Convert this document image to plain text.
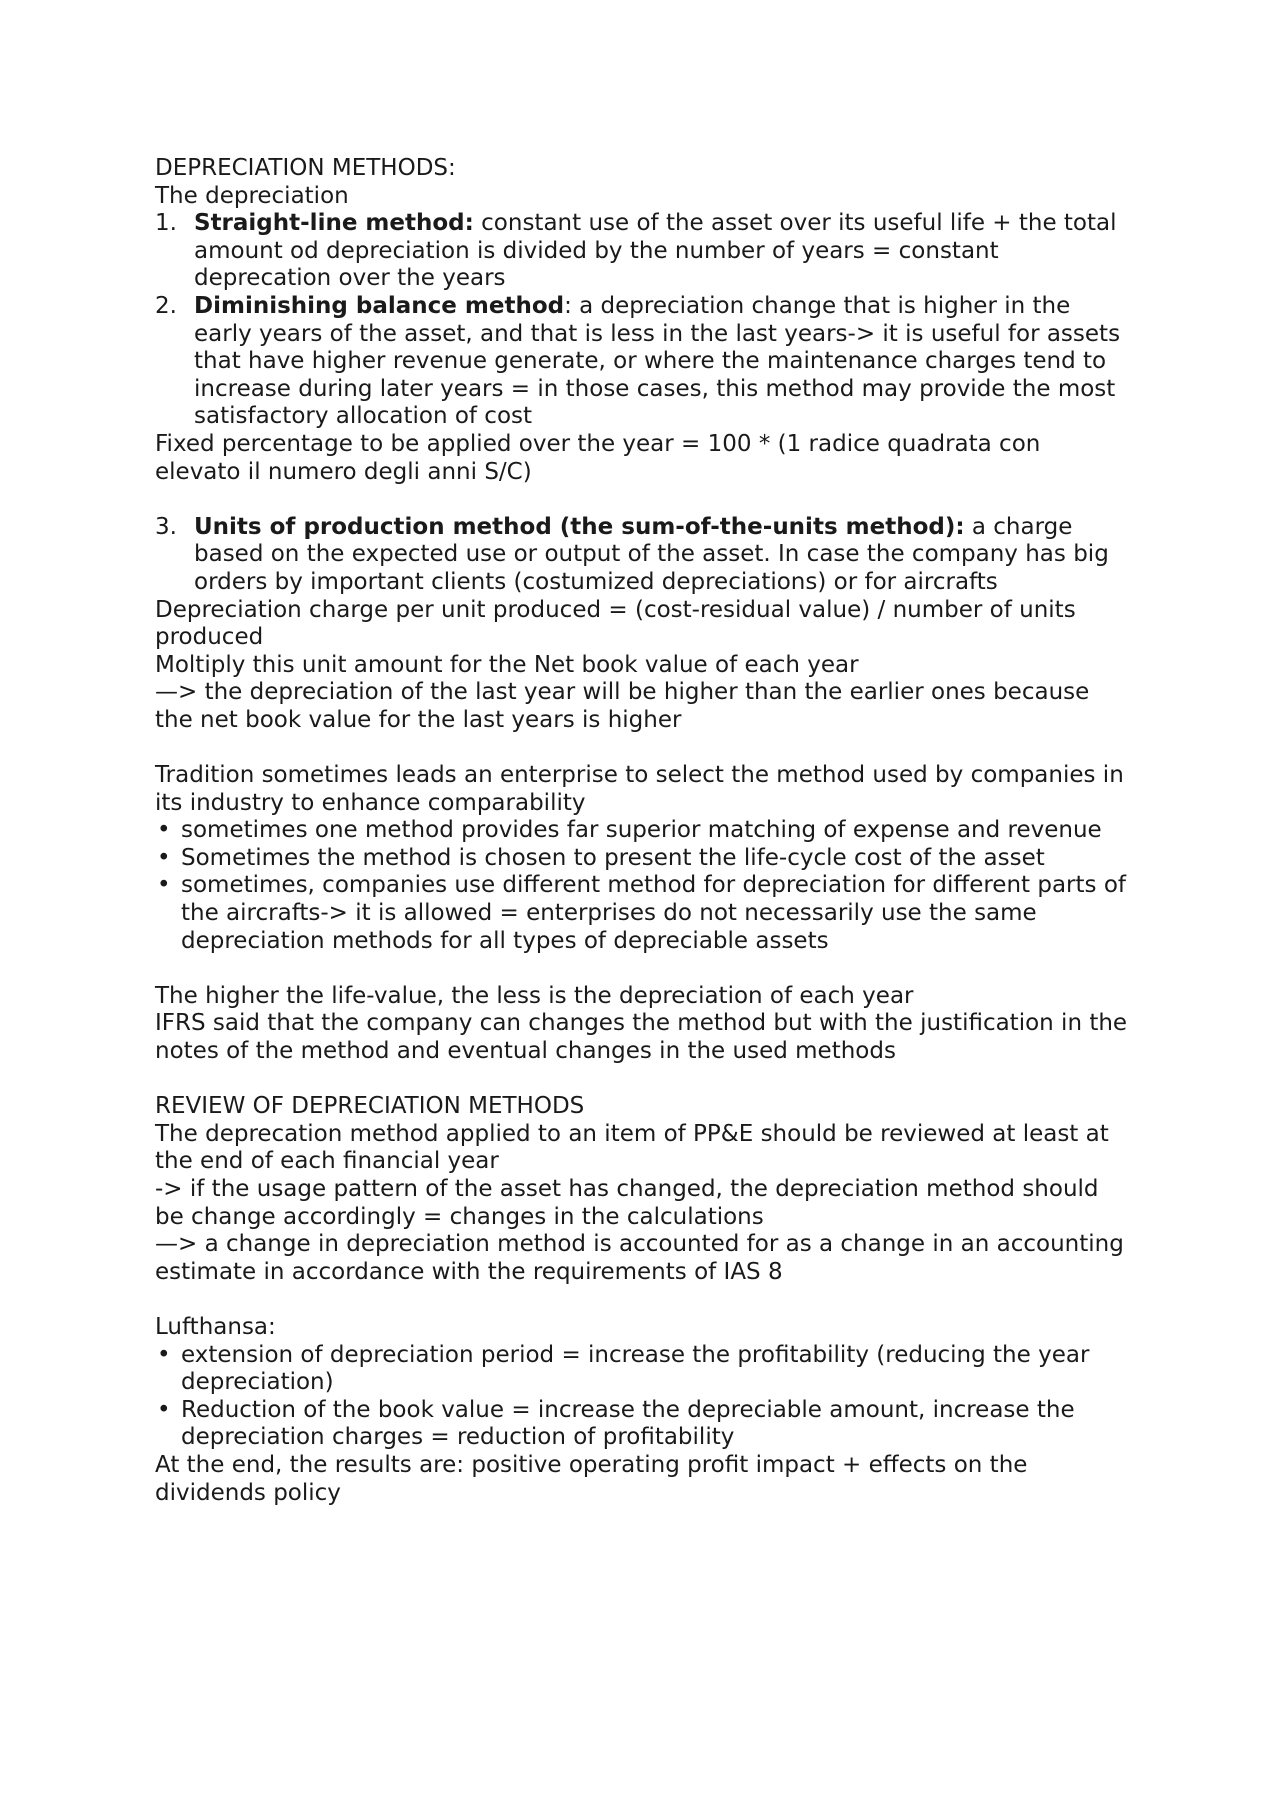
DEPRECIATION METHODS:

The depreciation

1. Straight-line method: constant use of the asset over its useful life + the total amount od depreciation is divided by the number of years = constant deprecation over the years
2. Diminishing balance method: a depreciation change that is higher in the early years of the asset, and that is less in the last years-> it is useful for assets that have higher revenue generate, or where the maintenance charges tend to increase during later years = in those cases, this method may provide the most satisfactory allocation of cost

Fixed percentage to be applied over the year = 100 * (1 radice quadrata con elevato il numero degli anni S/C)

3. Units of production method (the sum-of-the-units method): a charge based on the expected use or output of the asset. In case the company has big orders by important clients (costumized depreciations) or for aircrafts

Depreciation charge per unit produced = (cost-residual value) / number of units produced

Moltiply this unit amount for the Net book value of each year

—> the depreciation of the last year will be higher than the earlier ones because the net book value for the last years is higher

Tradition sometimes leads an enterprise to select the method used by companies in its industry to enhance comparability

• sometimes one method provides far superior matching of expense and revenue
• Sometimes the method is chosen to present the life-cycle cost of the asset
• sometimes, companies use different method for depreciation for different parts of the aircrafts-> it is allowed = enterprises do not necessarily use the same depreciation methods for all types of depreciable assets

The higher the life-value, the less is the depreciation of each year

IFRS said that the company can changes the method but with the justification in the notes of the method and eventual changes in the used methods

REVIEW OF DEPRECIATION METHODS

The deprecation method applied to an item of PP&E should be reviewed at least at the end of each financial year

-> if the usage pattern of the asset has changed, the depreciation method should be change accordingly = changes in the calculations

—> a change in depreciation method is accounted for as a change in an accounting estimate in accordance with the requirements of IAS 8

Lufthansa:

• extension of depreciation period = increase the profitability (reducing the year depreciation)
• Reduction of the book value = increase the depreciable amount, increase the depreciation charges = reduction of profitability

At the end, the results are: positive operating profit impact + effects on the dividends policy
